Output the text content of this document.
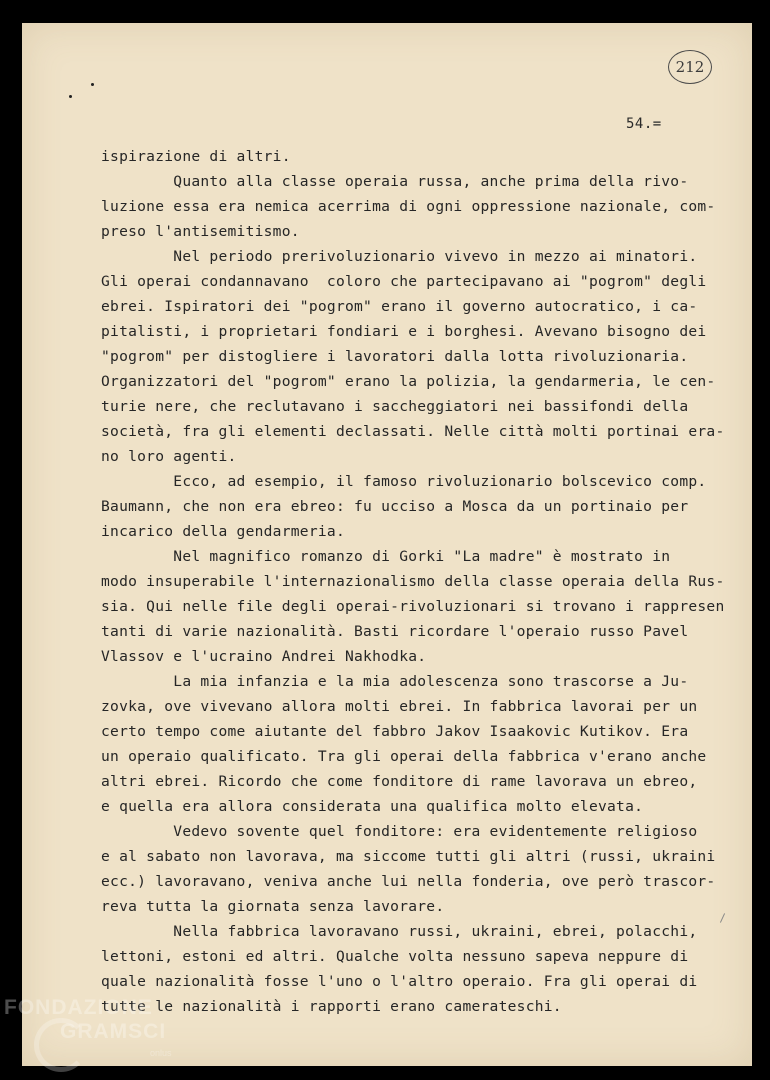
212
54.=
ispirazione di altri.
Quanto alla classe operaia russa, anche prima della rivo-
luzione essa era nemica acerrima di ogni oppressione nazionale, com-
preso l'antisemitismo.
Nel periodo prerivoluzionario vivevo in mezzo ai minatori.
Gli operai condannavano  coloro che partecipavano ai "pogrom" degli
ebrei. Ispiratori dei "pogrom" erano il governo autocratico, i ca-
pitalisti, i proprietari fondiari e i borghesi. Avevano bisogno dei
"pogrom" per distogliere i lavoratori dalla lotta rivoluzionaria.
Organizzatori del "pogrom" erano la polizia, la gendarmeria, le cen-
turie nere, che reclutavano i saccheggiatori nei bassifondi della
società, fra gli elementi declassati. Nelle città molti portinai era-
no loro agenti.
Ecco, ad esempio, il famoso rivoluzionario bolscevico comp.
Baumann, che non era ebreo: fu ucciso a Mosca da un portinaio per
incarico della gendarmeria.
Nel magnifico romanzo di Gorki "La madre" è mostrato in
modo insuperabile l'internazionalismo della classe operaia della Rus-
sia. Qui nelle file degli operai-rivoluzionari si trovano i rappresen
tanti di varie nazionalità. Basti ricordare l'operaio russo Pavel
Vlassov e l'ucraino Andrei Nakhodka.
La mia infanzia e la mia adolescenza sono trascorse a Ju-
zovka, ove vivevano allora molti ebrei. In fabbrica lavorai per un
certo tempo come aiutante del fabbro Jakov Isaakovic Kutikov. Era
un operaio qualificato. Tra gli operai della fabbrica v'erano anche
altri ebrei. Ricordo che come fonditore di rame lavorava un ebreo,
e quella era allora considerata una qualifica molto elevata.
Vedevo sovente quel fonditore: era evidentemente religioso
e al sabato non lavorava, ma siccome tutti gli altri (russi, ukraini
ecc.) lavoravano, veniva anche lui nella fonderia, ove però trascor-
reva tutta la giornata senza lavorare.
Nella fabbrica lavoravano russi, ukraini, ebrei, polacchi,
lettoni, estoni ed altri. Qualche volta nessuno sapeva neppure di
quale nazionalità fosse l'uno o l'altro operaio. Fra gli operai di
tutte le nazionalità i rapporti erano camerateschi.
FONDAZIONE
GRAMSCI
onlus
